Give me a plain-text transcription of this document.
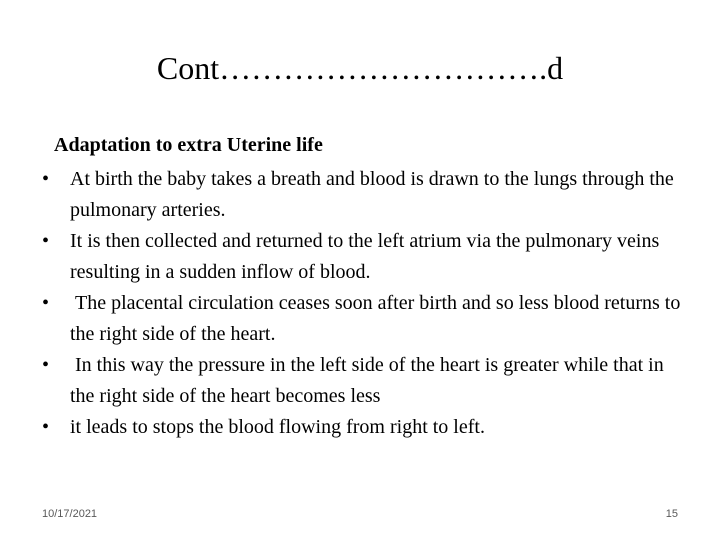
Cont………………………….d
Adaptation to extra Uterine life
•	At birth the baby takes a breath and blood is drawn to the lungs through the pulmonary arteries.
•	It is then collected and returned to the left atrium via the pulmonary veins resulting in a sudden inflow of blood.
•	The placental circulation ceases soon after birth and so less blood returns to the right side of the heart.
•	In this way the pressure in the left side of the heart is greater while that in the right side of the heart becomes less
•	it leads to stops the blood flowing from right to left.
10/17/2021	15
